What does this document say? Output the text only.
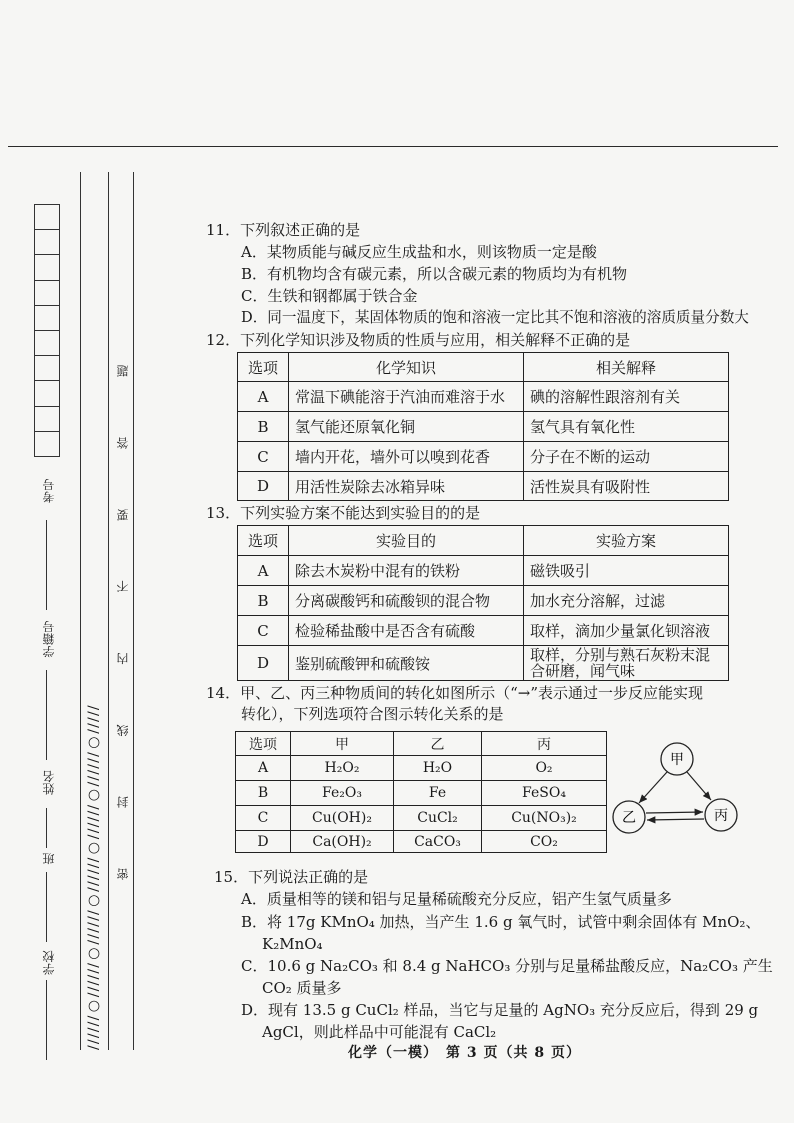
//////○//////○//////○//////○//////○//////○///// 密 封 线 内 不 要 答 题
考号
学籍号
姓名
班
学校
11．下列叙述正确的是
A．某物质能与碱反应生成盐和水，则该物质一定是酸
B．有机物均含有碳元素，所以含碳元素的物质均为有机物
C．生铁和钢都属于铁合金
D．同一温度下，某固体物质的饱和溶液一定比其不饱和溶液的溶质质量分数大
12．下列化学知识涉及物质的性质与应用，相关解释不正确的是
选项	化学知识	相关解释
A	常温下碘能溶于汽油而难溶于水	碘的溶解性跟溶剂有关
B	氢气能还原氧化铜	氢气具有氧化性
C	墙内开花，墙外可以嗅到花香	分子在不断的运动
D	用活性炭除去冰箱异味	活性炭具有吸附性
13．下列实验方案不能达到实验目的的是
选项	实验目的	实验方案
A	除去木炭粉中混有的铁粉	磁铁吸引
B	分离碳酸钙和硫酸钡的混合物	加水充分溶解，过滤
C	检验稀盐酸中是否含有硫酸	取样，滴加少量氯化钡溶液
D	鉴别硫酸钾和硫酸铵	取样，分别与熟石灰粉末混
合研磨，闻气味
14．甲、乙、丙三种物质间的转化如图所示（“→”表示通过一步反应能实现
转化），下列选项符合图示转化关系的是
选项	甲	乙	丙
A	H₂O₂	H₂O	O₂
B	Fe₂O₃	Fe	FeSO₄
C	Cu(OH)₂	CuCl₂	Cu(NO₃)₂
D	Ca(OH)₂	CaCO₃	CO₂
甲
乙	丙
15．下列说法正确的是
A．质量相等的镁和铝与足量稀硫酸充分反应，铝产生氢气质量多
B．将 17g KMnO₄ 加热，当产生 1.6 g 氧气时，试管中剩余固体有 MnO₂、
K₂MnO₄
C．10.6 g Na₂CO₃ 和 8.4 g NaHCO₃ 分别与足量稀盐酸反应，Na₂CO₃ 产生
CO₂ 质量多
D．现有 13.5 g CuCl₂ 样品，当它与足量的 AgNO₃ 充分反应后，得到 29 g
AgCl，则此样品中可能混有 CaCl₂
化学（一模）　第 3 页（共 8 页）
